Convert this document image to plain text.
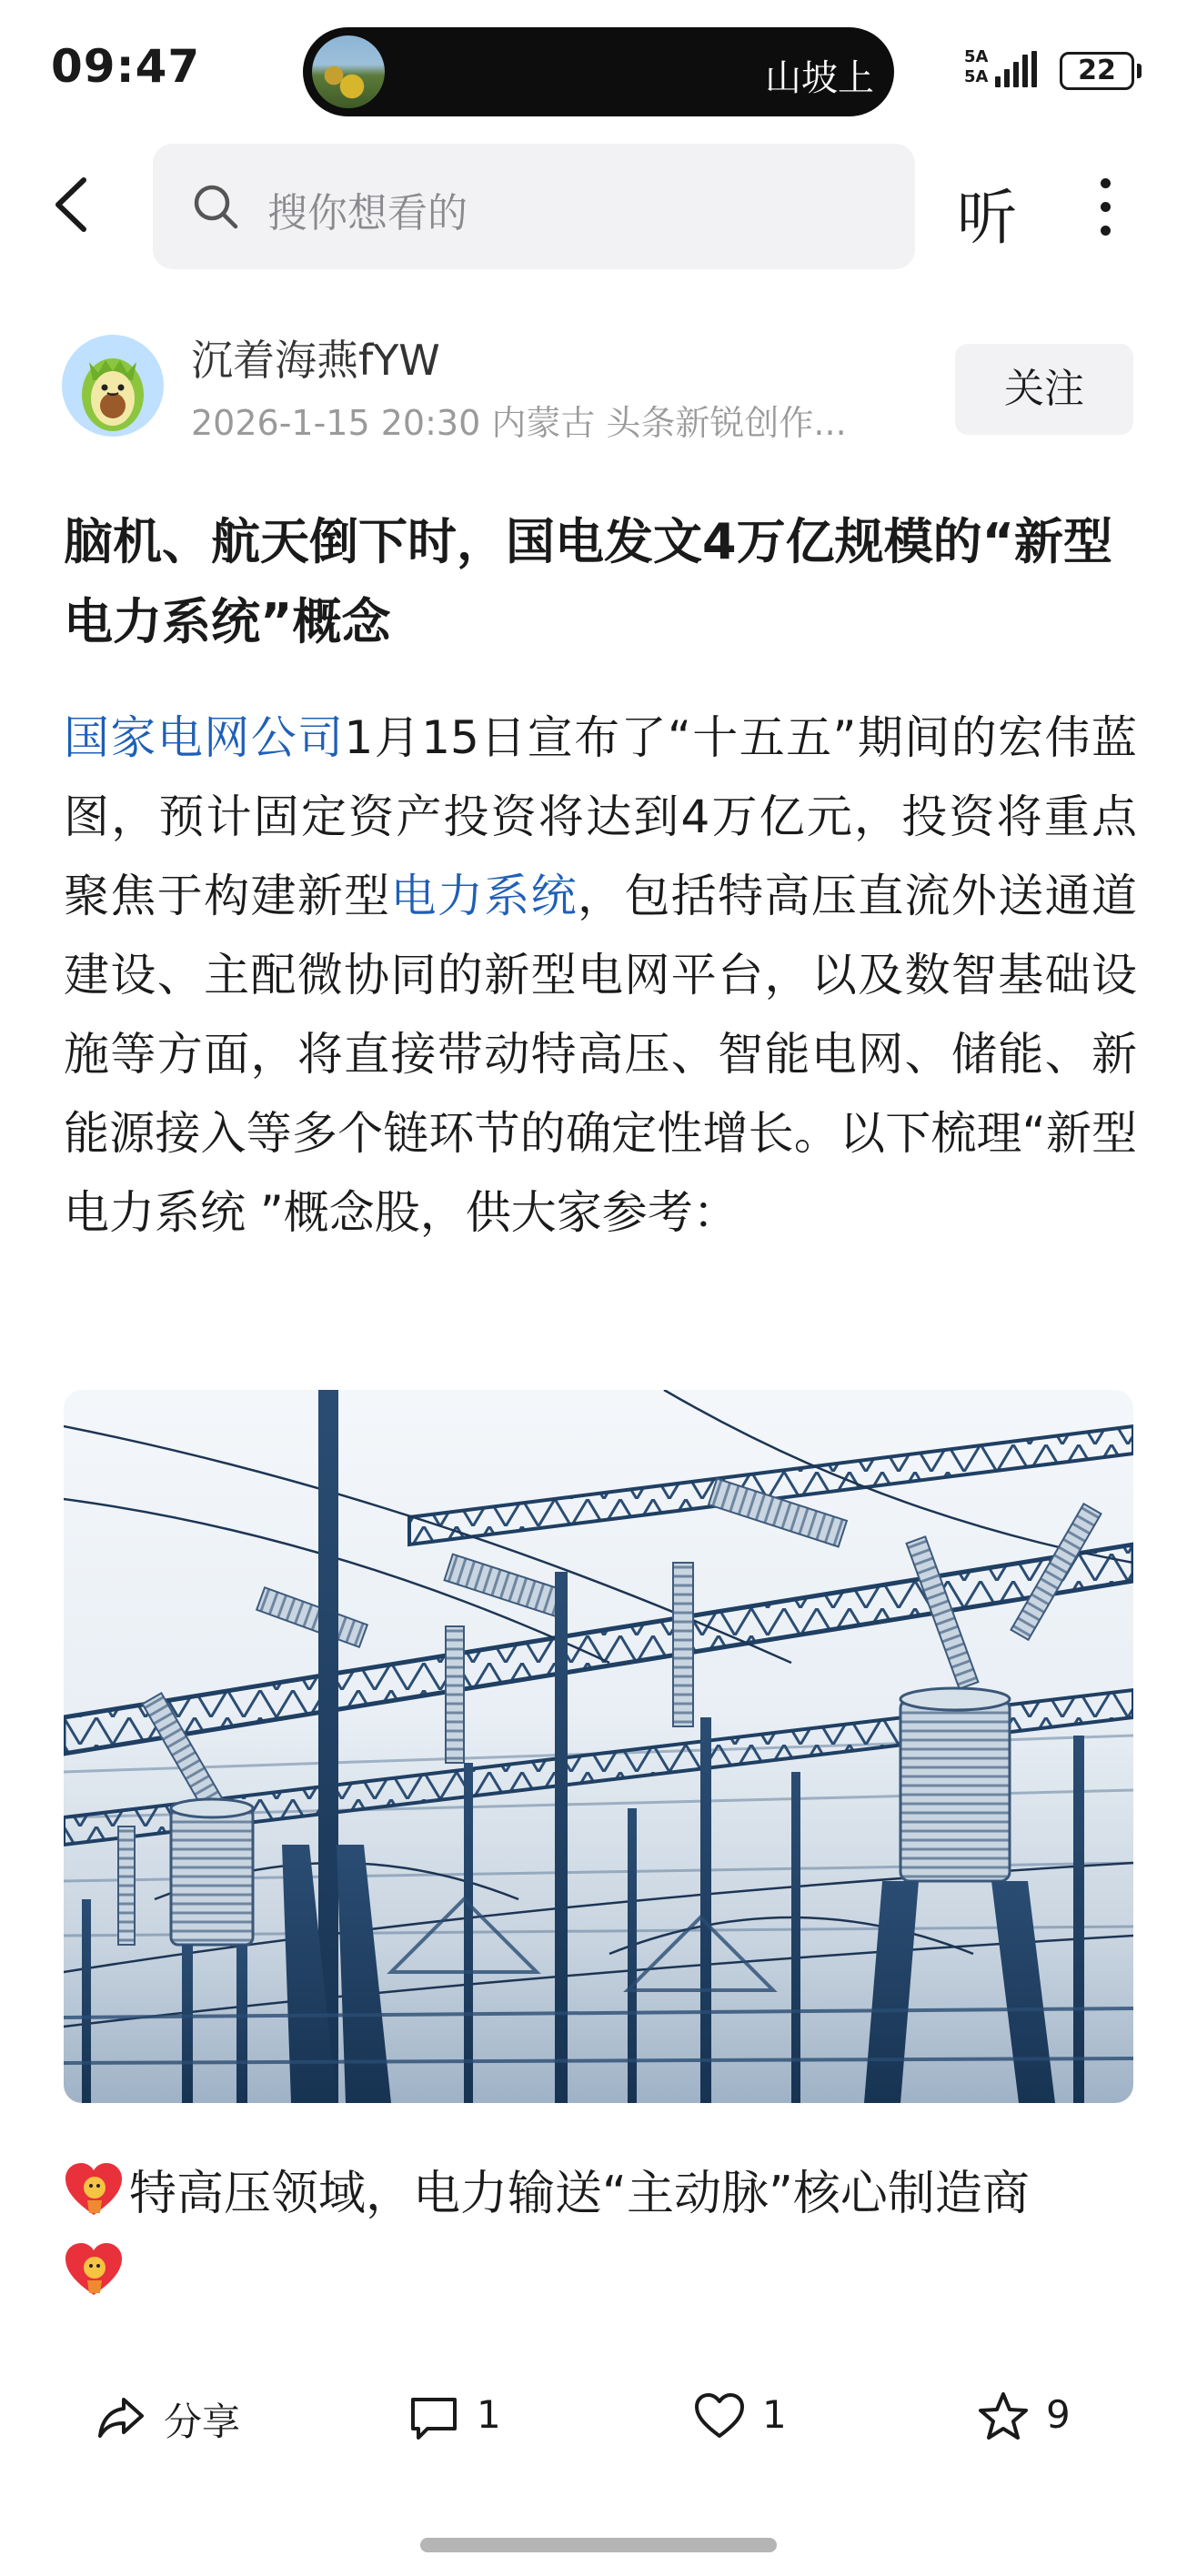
09:47	山坡上
5A
5A	22
搜你想看的	听
沉着海燕fYW
2026-1-15 20:30 内蒙古 头条新锐创作...
关注
脑机、航天倒下时，国电发文4万亿规模的“新型电力系统”概念
国家电网公司1月15日宣布了“十五五”期间的宏伟蓝图，预计固定资产投资将达到4万亿元，投资将重点聚焦于构建新型电力系统，包括特高压直流外送通道建设、主配微协同的新型电网平台，以及数智基础设施等方面，将直接带动特高压、智能电网、储能、新能源接入等多个链环节的确定性增长。以下梳理“新型电力系统 ”概念股，供大家参考：
特高压领域，电力输送“主动脉”核心制造商

分享	1	1	9
